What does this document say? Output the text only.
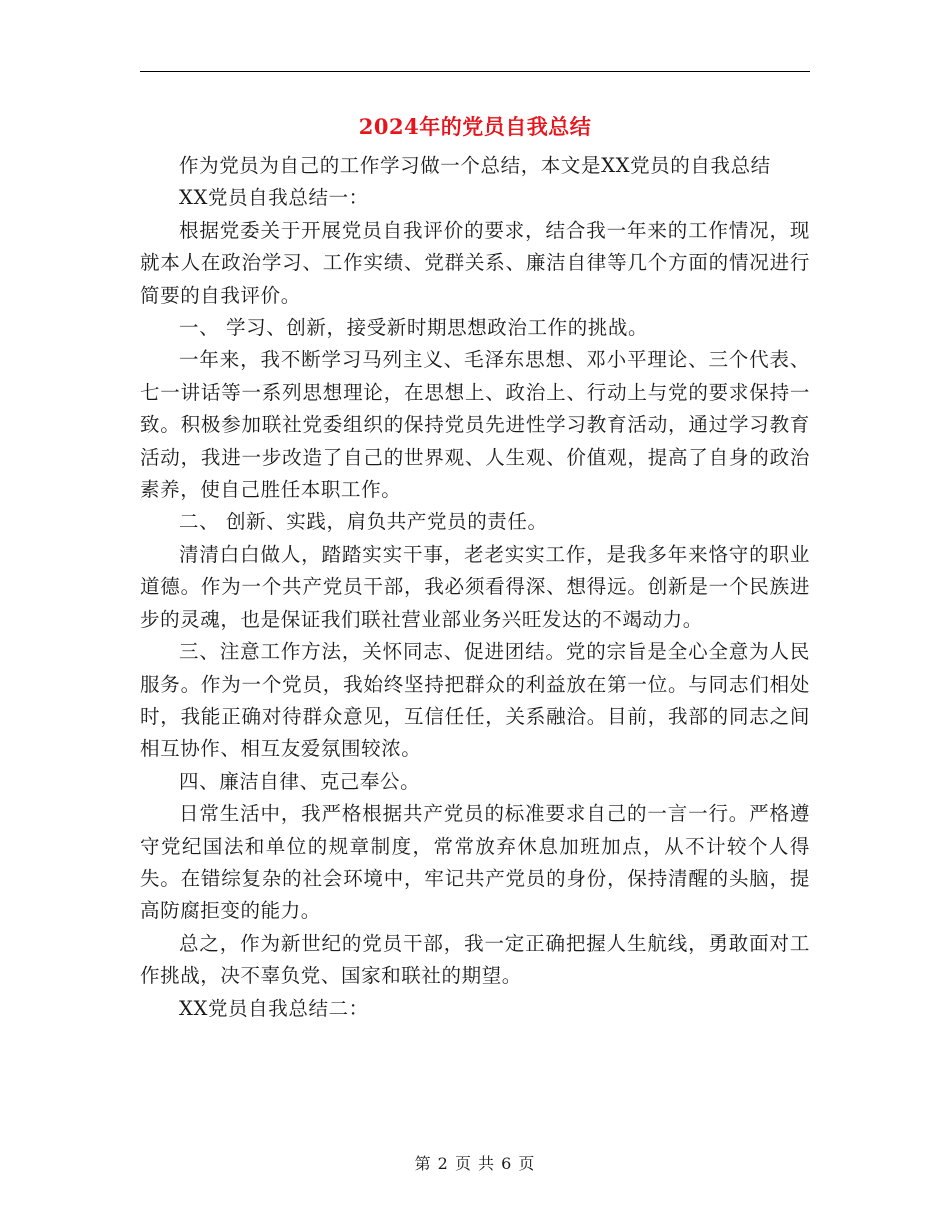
2024年的党员自我总结

作为党员为自己的工作学习做一个总结，本文是XX党员的自我总结

XX党员自我总结一：

根据党委关于开展党员自我评价的要求，结合我一年来的工作情况，现就本人在政治学习、工作实绩、党群关系、廉洁自律等几个方面的情况进行简要的自我评价。

一、 学习、创新，接受新时期思想政治工作的挑战。

一年来，我不断学习马列主义、毛泽东思想、邓小平理论、三个代表、七一讲话等一系列思想理论，在思想上、政治上、行动上与党的要求保持一致。积极参加联社党委组织的保持党员先进性学习教育活动，通过学习教育活动，我进一步改造了自己的世界观、人生观、价值观，提高了自身的政治素养，使自己胜任本职工作。

二、 创新、实践，肩负共产党员的责任。

清清白白做人，踏踏实实干事，老老实实工作，是我多年来恪守的职业道德。作为一个共产党员干部，我必须看得深、想得远。创新是一个民族进步的灵魂，也是保证我们联社营业部业务兴旺发达的不竭动力。

三、注意工作方法，关怀同志、促进团结。党的宗旨是全心全意为人民服务。作为一个党员，我始终坚持把群众的利益放在第一位。与同志们相处时，我能正确对待群众意见，互信任任，关系融洽。目前，我部的同志之间相互协作、相互友爱氛围较浓。

四、廉洁自律、克己奉公。

日常生活中，我严格根据共产党员的标准要求自己的一言一行。严格遵守党纪国法和单位的规章制度，常常放弃休息加班加点，从不计较个人得失。在错综复杂的社会环境中，牢记共产党员的身份，保持清醒的头脑，提高防腐拒变的能力。

总之，作为新世纪的党员干部，我一定正确把握人生航线，勇敢面对工作挑战，决不辜负党、国家和联社的期望。

XX党员自我总结二：

第 2 页 共 6 页
